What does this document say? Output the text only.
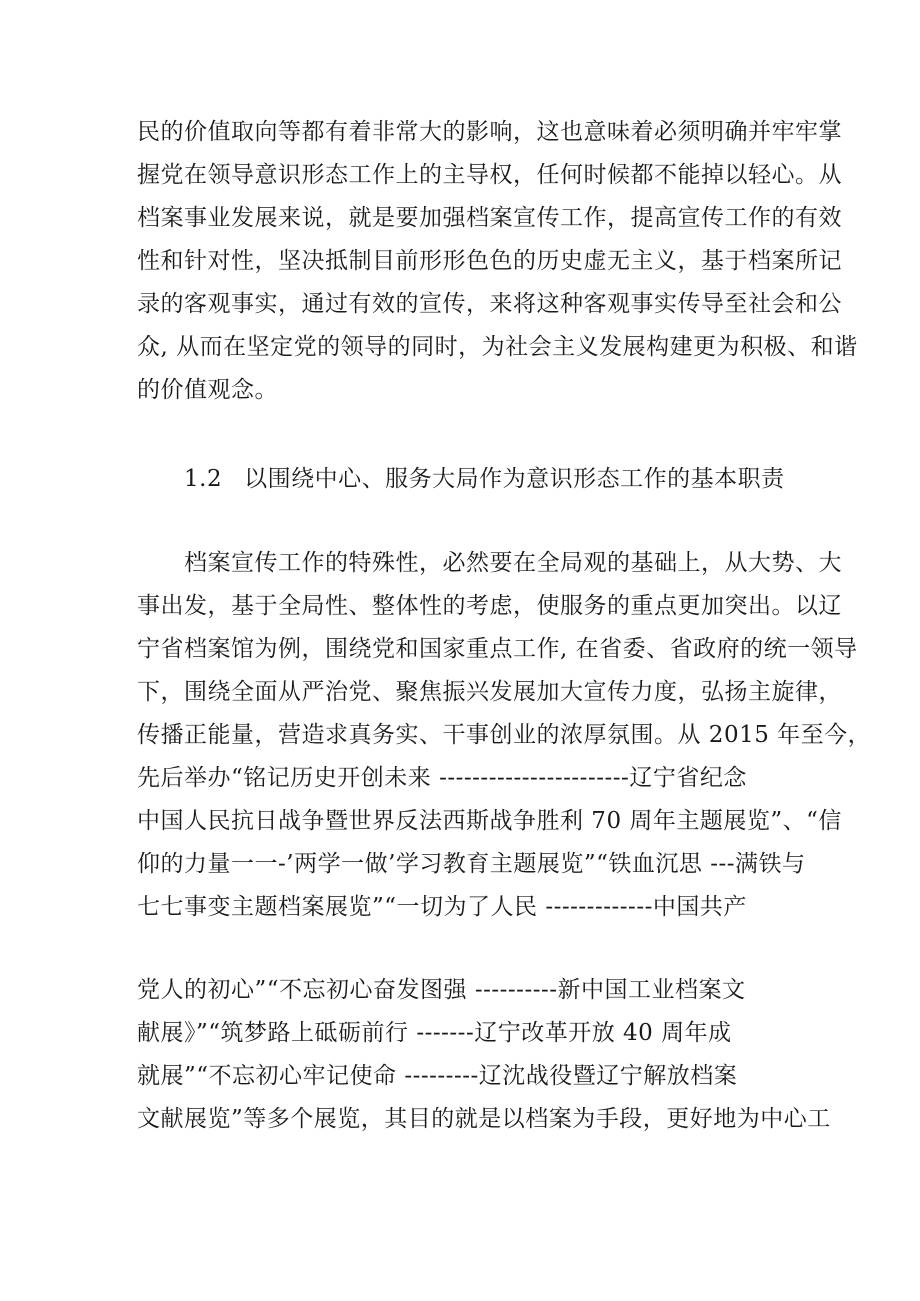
民的价值取向等都有着非常大的影响，这也意味着必须明确并牢牢掌
握党在领导意识形态工作上的主导权，任何时候都不能掉以轻心。从
档案事业发展来说，就是要加强档案宣传工作，提高宣传工作的有效
性和针对性，坚决抵制目前形形色色的历史虚无主义，基于档案所记
录的客观事实，通过有效的宣传，来将这种客观事实传导至社会和公
众, 从而在坚定党的领导的同时，为社会主义发展构建更为积极、和谐
的价值观念。
1.2 以围绕中心、服务大局作为意识形态工作的基本职责
档案宣传工作的特殊性，必然要在全局观的基础上，从大势、大
事出发，基于全局性、整体性的考虑，使服务的重点更加突出。以辽
宁省档案馆为例，围绕党和国家重点工作, 在省委、省政府的统一领导
下，围绕全面从严治党、聚焦振兴发展加大宣传力度，弘扬主旋律，
传播正能量，营造求真务实、干事创业的浓厚氛围。从 2015 年至今，
先后举办“铭记历史开创未来 -----------------------辽宁省纪念
中国人民抗日战争暨世界反法西斯战争胜利 70 周年主题展览”、“信
仰的力量一一-’两学一做’学习教育主题展览”“铁血沉思 ---满铁与
七七事变主题档案展览”“一切为了人民 -------------中国共产
党人的初心”“不忘初心奋发图强 ----------新中国工业档案文
献展》”“筑梦路上砥砺前行 -------辽宁改革开放 40 周年成
就展”“不忘初心牢记使命 ---------辽沈战役暨辽宁解放档案
文献展览”等多个展览，其目的就是以档案为手段，更好地为中心工
